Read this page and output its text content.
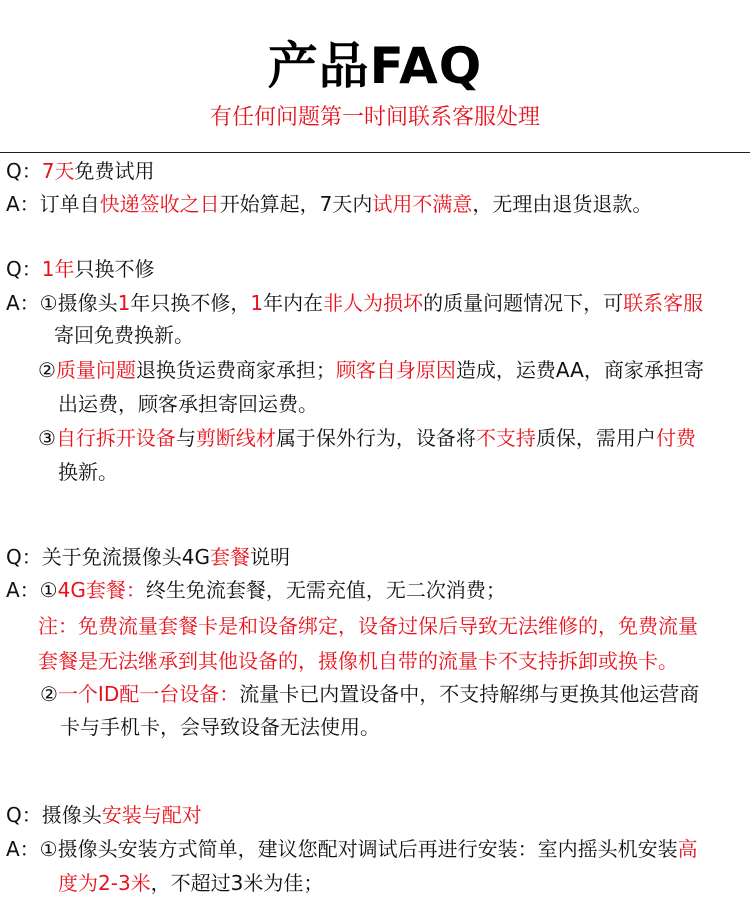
产品FAQ
有任何问题第一时间联系客服处理
Q：7天免费试用
A：订单自快递签收之日开始算起，7天内试用不满意，无理由退货退款。
Q：1年只换不修
A：①摄像头1年只换不修，1年内在非人为损坏的质量问题情况下，可联系客服
寄回免费换新。
②质量问题退换货运费商家承担；顾客自身原因造成，运费AA，商家承担寄
出运费，顾客承担寄回运费。
③自行拆开设备与剪断线材属于保外行为，设备将不支持质保，需用户付费
换新。
Q：关于免流摄像头4G套餐说明
A：①4G套餐：终生免流套餐，无需充值，无二次消费；
注：免费流量套餐卡是和设备绑定，设备过保后导致无法维修的，免费流量
套餐是无法继承到其他设备的，摄像机自带的流量卡不支持拆卸或换卡。
②一个ID配一台设备：流量卡已内置设备中，不支持解绑与更换其他运营商
卡与手机卡，会导致设备无法使用。
Q：摄像头安装与配对
A：①摄像头安装方式简单，建议您配对调试后再进行安装：室内摇头机安装高
度为2-3米，不超过3米为佳；
